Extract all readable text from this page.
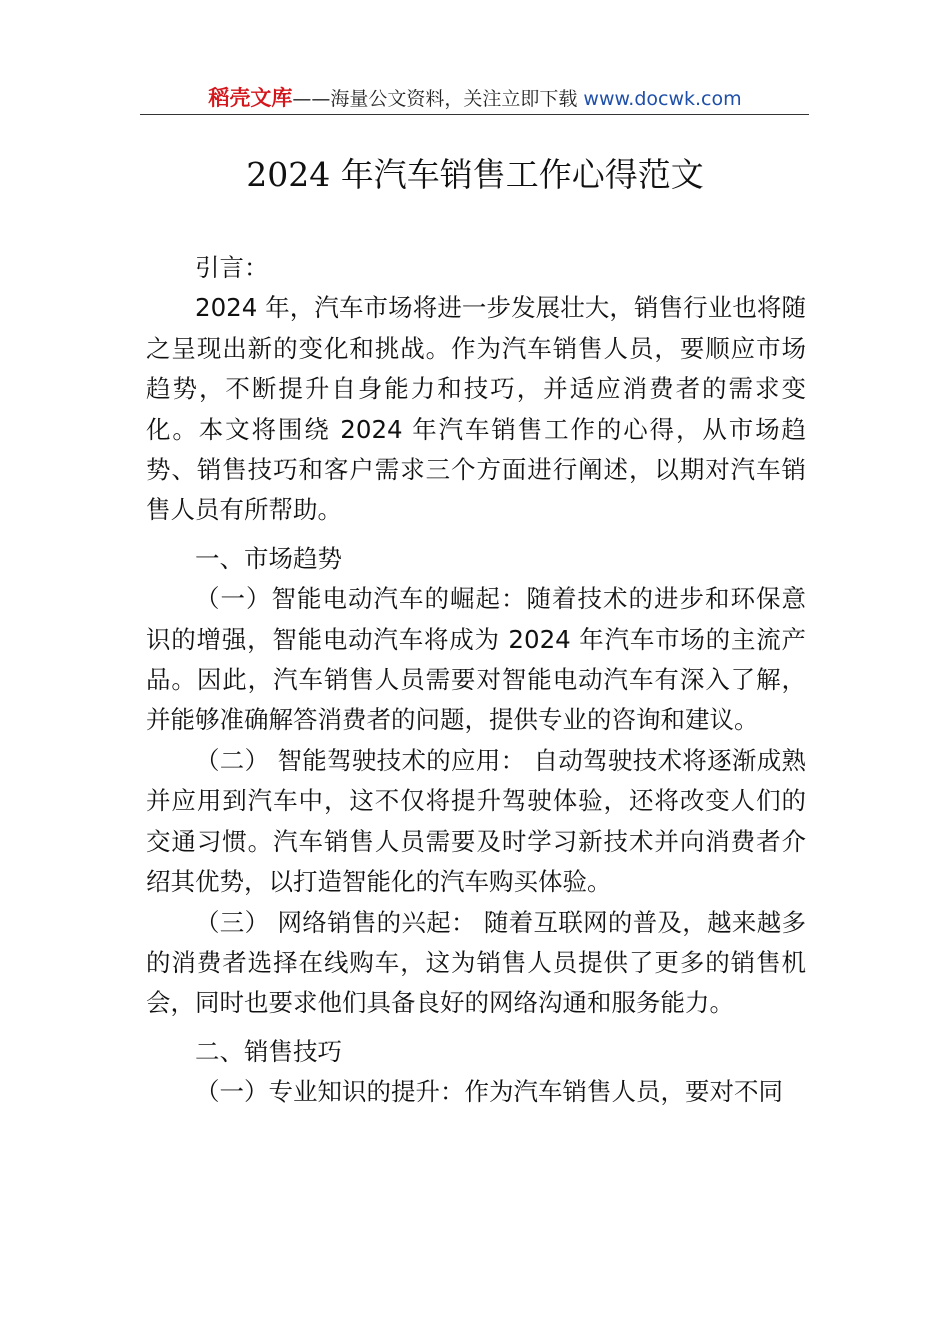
稻壳文库——海量公文资料，关注立即下载 www.docwk.com
2024 年汽车销售工作心得范文

引言：

2024 年，汽车市场将进一步发展壮大，销售行业也将随之呈现出新的变化和挑战。作为汽车销售人员，要顺应市场趋势，不断提升自身能力和技巧，并适应消费者的需求变化。本文将围绕 2024 年汽车销售工作的心得，从市场趋势、销售技巧和客户需求三个方面进行阐述，以期对汽车销售人员有所帮助。

一、市场趋势

（一）智能电动汽车的崛起：随着技术的进步和环保意识的增强，智能电动汽车将成为 2024 年汽车市场的主流产品。因此，汽车销售人员需要对智能电动汽车有深入了解，并能够准确解答消费者的问题，提供专业的咨询和建议。

（二） 智能驾驶技术的应用： 自动驾驶技术将逐渐成熟 并应用到汽车中，这不仅将提升驾驶体验，还将改变人们的 交通习惯。汽车销售人员需要及时学习新技术并向消费者介 绍其优势，以打造智能化的汽车购买体验。

（三） 网络销售的兴起： 随着互联网的普及，越来越多 的消费者选择在线购车，这为销售人员提供了更多的销售机 会，同时也要求他们具备良好的网络沟通和服务能力。

二、销售技巧

（一）专业知识的提升：作为汽车销售人员，要对不同
